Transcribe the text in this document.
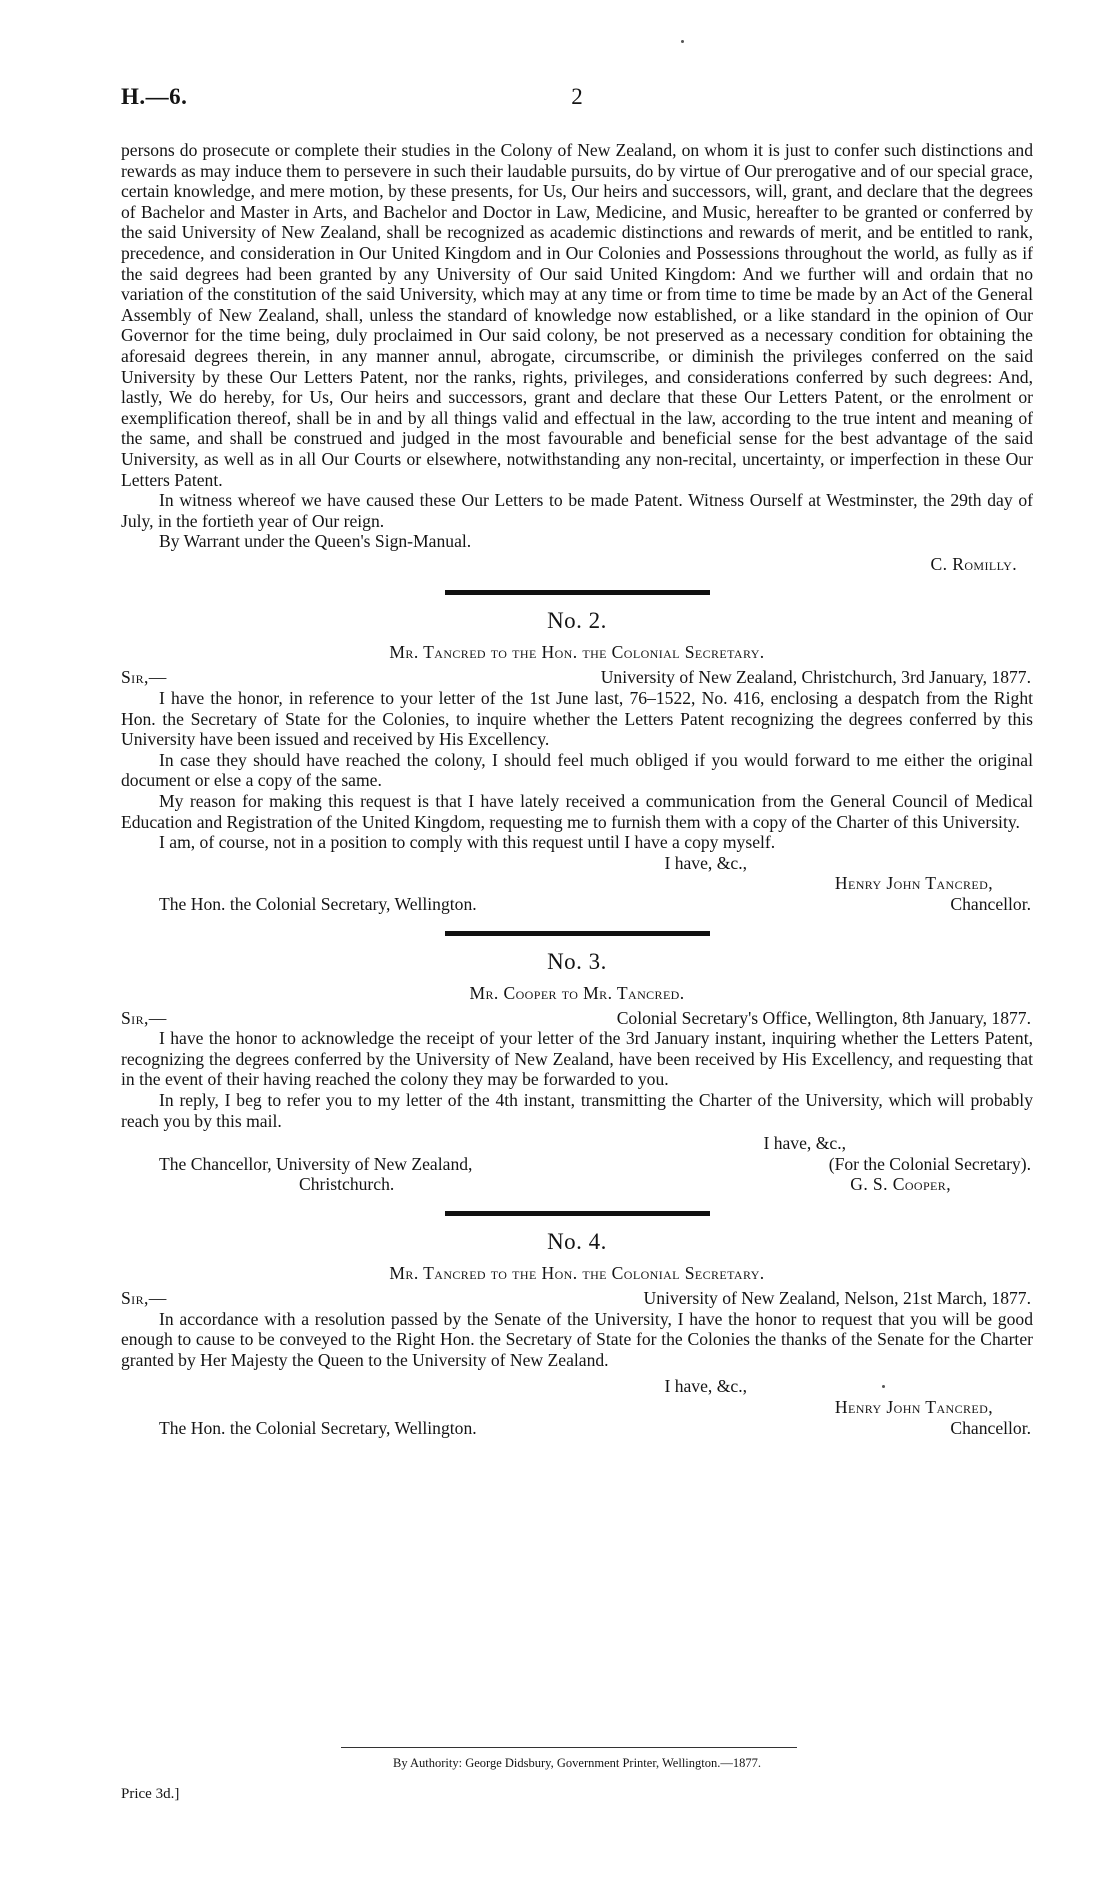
H.—6.	2

persons do prosecute or complete their studies in the Colony of New Zealand, on whom it is just to confer such distinctions and rewards as may induce them to persevere in such their laudable pursuits, do by virtue of Our prerogative and of our special grace, certain knowledge, and mere motion, by these presents, for Us, Our heirs and successors, will, grant, and declare that the degrees of Bachelor and Master in Arts, and Bachelor and Doctor in Law, Medicine, and Music, hereafter to be granted or conferred by the said University of New Zealand, shall be recognized as academic distinctions and rewards of merit, and be entitled to rank, precedence, and consideration in Our United Kingdom and in Our Colonies and Possessions throughout the world, as fully as if the said degrees had been granted by any University of Our said United Kingdom: And we further will and ordain that no variation of the constitution of the said University, which may at any time or from time to time be made by an Act of the General Assembly of New Zealand, shall, unless the standard of knowledge now established, or a like standard in the opinion of Our Governor for the time being, duly proclaimed in Our said colony, be not preserved as a necessary condition for obtaining the aforesaid degrees therein, in any manner annul, abrogate, circumscribe, or diminish the privileges conferred on the said University by these Our Letters Patent, nor the ranks, rights, privileges, and considerations conferred by such degrees: And, lastly, We do hereby, for Us, Our heirs and successors, grant and declare that these Our Letters Patent, or the enrolment or exemplification thereof, shall be in and by all things valid and effectual in the law, according to the true intent and meaning of the same, and shall be construed and judged in the most favourable and beneficial sense for the best advantage of the said University, as well as in all Our Courts or elsewhere, notwithstanding any non-recital, uncertainty, or imperfection in these Our Letters Patent.

In witness whereof we have caused these Our Letters to be made Patent. Witness Ourself at Westminster, the 29th day of July, in the fortieth year of Our reign.

By Warrant under the Queen's Sign-Manual.

C. Romilly.
No. 2.
Mr. Tancred to the Hon. the Colonial Secretary.
Sir,—	University of New Zealand, Christchurch, 3rd January, 1877.

I have the honor, in reference to your letter of the 1st June last, 76–1522, No. 416, enclosing a despatch from the Right Hon. the Secretary of State for the Colonies, to inquire whether the Letters Patent recognizing the degrees conferred by this University have been issued and received by His Excellency.

In case they should have reached the colony, I should feel much obliged if you would forward to me either the original document or else a copy of the same.

My reason for making this request is that I have lately received a communication from the General Council of Medical Education and Registration of the United Kingdom, requesting me to furnish them with a copy of the Charter of this University.

I am, of course, not in a position to comply with this request until I have a copy myself.

I have, &c.,
Henry John Tancred,
The Hon. the Colonial Secretary, Wellington.	Chancellor.
No. 3.
Mr. Cooper to Mr. Tancred.
Sir,—	Colonial Secretary's Office, Wellington, 8th January, 1877.

I have the honor to acknowledge the receipt of your letter of the 3rd January instant, inquiring whether the Letters Patent, recognizing the degrees conferred by the University of New Zealand, have been received by His Excellency, and requesting that in the event of their having reached the colony they may be forwarded to you.

In reply, I beg to refer you to my letter of the 4th instant, transmitting the Charter of the University, which will probably reach you by this mail.

The Chancellor, University of New Zealand,
Christchurch.
I have, &c.,
(For the Colonial Secretary).
G. S. Cooper,
No. 4.
Mr. Tancred to the Hon. the Colonial Secretary.
Sir,—	University of New Zealand, Nelson, 21st March, 1877.

In accordance with a resolution passed by the Senate of the University, I have the honor to request that you will be good enough to cause to be conveyed to the Right Hon. the Secretary of State for the Colonies the thanks of the Senate for the Charter granted by Her Majesty the Queen to the University of New Zealand.

I have, &c.,
Henry John Tancred,
The Hon. the Colonial Secretary, Wellington.	Chancellor.
By Authority: George Didsbury, Government Printer, Wellington.—1877.
Price 3d.]
